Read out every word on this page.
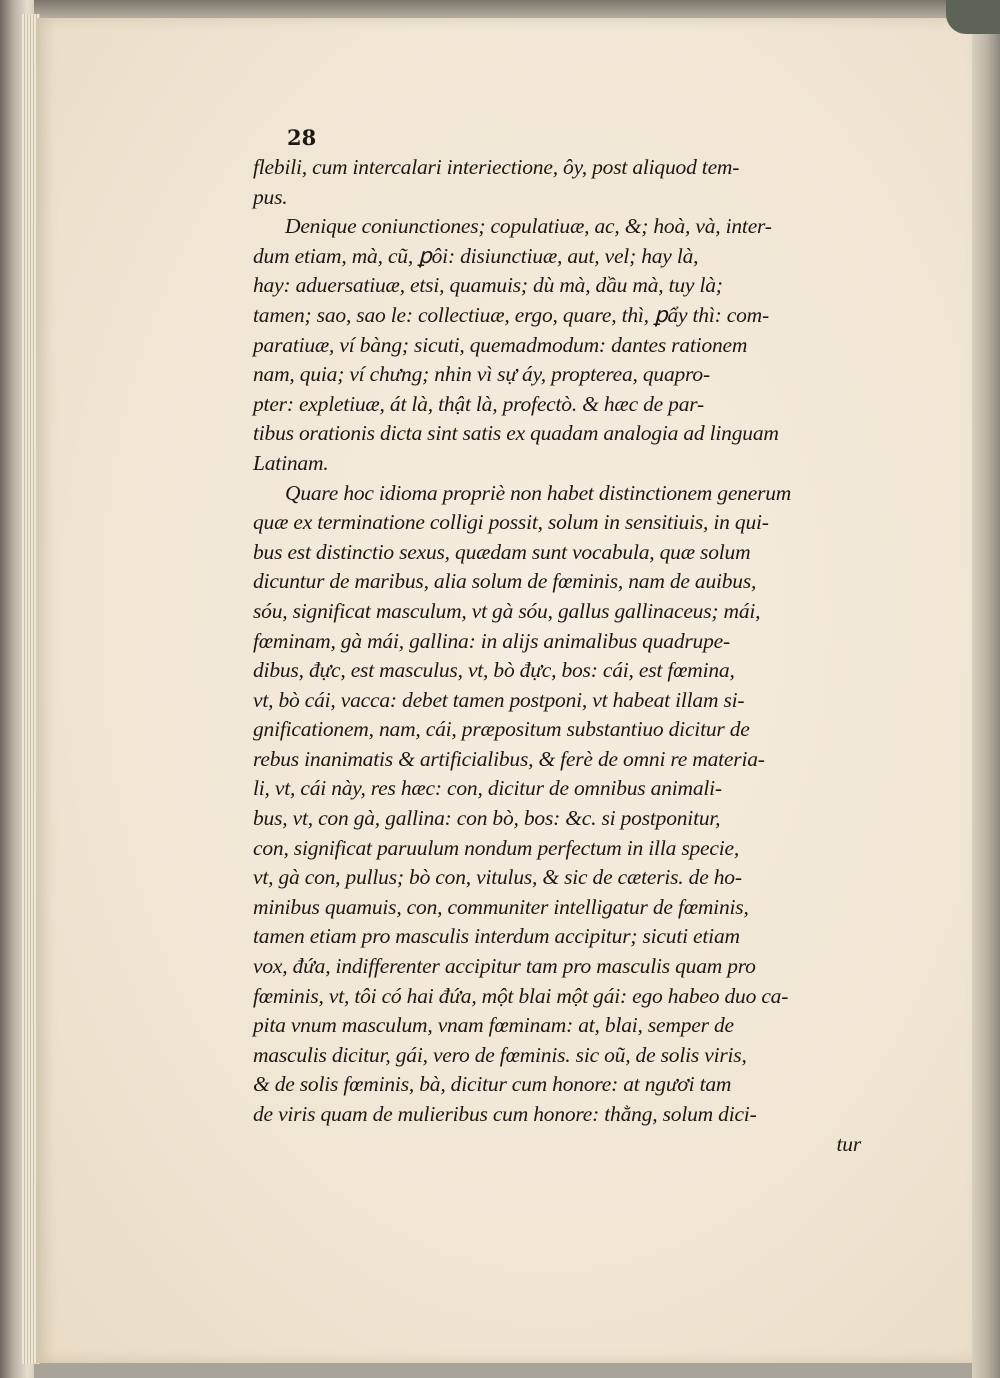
28
flebili, cum intercalari interiectione, ôy, post aliquod tem-
pus.
Denique coniunctiones; copulatiuæ, ac, &; hoà, và, inter-
dum etiam, mà, cũ, ꝑôi: disiunctiuæ, aut, vel; hay là,
hay: aduersatiuæ, etsi, quamuis; dù mà, dầu mà, tuy là;
tamen; sao, sao le: collectiuæ, ergo, quare, thì, ꝑẩy thì: com-
paratiuæ, ví bàng; sicuti, quemadmodum: dantes rationem
nam, quia; ví chưng; nhin vì sự áy, propterea, quapro-
pter: expletiuæ, át là, thật là, profectò. & hæc de par-
tibus orationis dicta sint satis ex quadam analogia ad linguam
Latinam.
Quare hoc idioma propriè non habet distinctionem generum
quæ ex terminatione colligi possit, solum in sensitiuis, in qui-
bus est distinctio sexus, quædam sunt vocabula, quæ solum
dicuntur de maribus, alia solum de fœminis, nam de auibus,
sóu, significat masculum, vt gà sóu, gallus gallinaceus; mái,
fœminam, gà mái, gallina: in alijs animalibus quadrupe-
dibus, đực, est masculus, vt, bò đực, bos: cái, est fœmina,
vt, bò cái, vacca: debet tamen postponi, vt habeat illam si-
gnificationem, nam, cái, præpositum substantiuo dicitur de
rebus inanimatis & artificialibus, & ferè de omni re materia-
li, vt, cái này, res hæc: con, dicitur de omnibus animali-
bus, vt, con gà, gallina: con bò, bos: &c. si postponitur,
con, significat paruulum nondum perfectum in illa specie,
vt, gà con, pullus; bò con, vitulus, & sic de cæteris. de ho-
minibus quamuis, con, communiter intelligatur de fœminis,
tamen etiam pro masculis interdum accipitur; sicuti etiam
vox, đứa, indifferenter accipitur tam pro masculis quam pro
fœminis, vt, tôi có hai đứa, một blai một gái: ego habeo duo ca-
pita vnum masculum, vnam fœminam: at, blai, semper de
masculis dicitur, gái, vero de fœminis. sic oũ, de solis viris,
& de solis fœminis, bà, dicitur cum honore: at ngươi tam
de viris quam de mulieribus cum honore: thằng, solum dici-
tur
